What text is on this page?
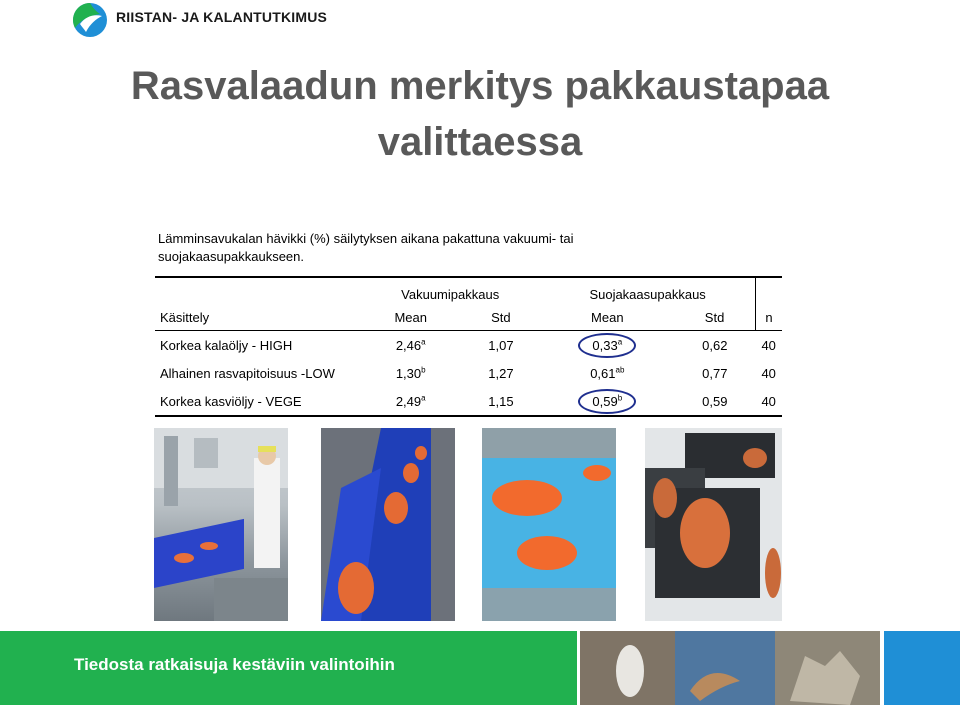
RIISTAN- JA KALANTUTKIMUS
Rasvalaadun merkitys pakkaustapaa
valittaessa
Lämminsavukalan hävikki (%) säilytyksen aikana pakattuna vakuumi- tai suojakaasupakkaukseen.
	Vakuumipakkaus		Suojakaasupakkaus		
Käsittely	Mean	Std	Mean	Std	n
Korkea kalaöljy - HIGH	2,46$^a$	1,07	0,33$^a$	0,62	40
Alhainen rasvapitoisuus -LOW	1,30$^b$	1,27	0,61$^{ab}$	0,77	40
Korkea kasviöljy - VEGE	2,49$^a$	1,15	0,59$^b$	0,59	40
Tiedosta ratkaisuja kestäviin valintoihin
